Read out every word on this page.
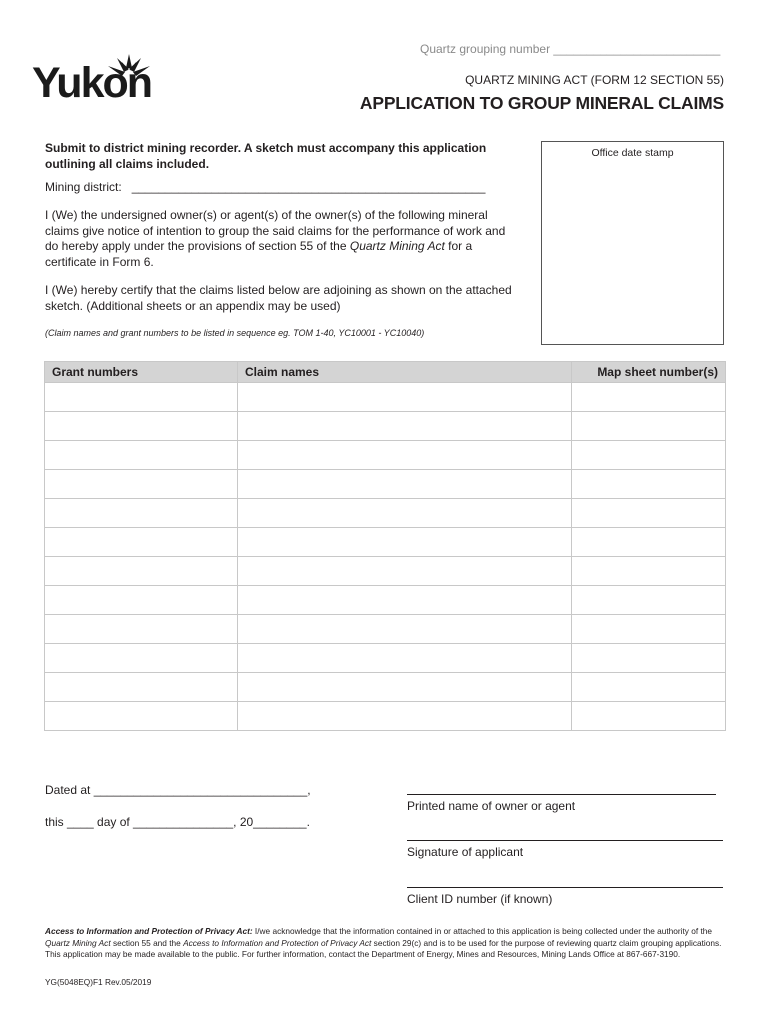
Quartz grouping number _________________________
Yukon	QUARTZ MINING ACT (FORM 12 SECTION 55)
APPLICATION TO GROUP MINERAL CLAIMS
Submit to district mining recorder. A sketch must accompany this application outlining all claims included.
Office date stamp
Mining district:   _____________________________________________________
I (We) the undersigned owner(s) or agent(s) of the owner(s) of the following mineral claims give notice of intention to group the said claims for the performance of work and do hereby apply under the provisions of section 55 of the Quartz Mining Act for a certificate in Form 6.
I (We) hereby certify that the claims listed below are adjoining as shown on the attached sketch. (Additional sheets or an appendix may be used)
(Claim names and grant numbers to be listed in sequence eg. TOM 1-40, YC10001 - YC10040)
Grant numbers	Claim names	Map sheet number(s)

Dated at ________________________________,
this ____ day of _______________, 20________.
Printed name of owner or agent
Signature of applicant
Client ID number (if known)
Access to Information and Protection of Privacy Act: I/we acknowledge that the information contained in or attached to this application is being collected under the authority of the Quartz Mining Act section 55 and the Access to Information and Protection of Privacy Act section 29(c) and is to be used for the purpose of reviewing quartz claim grouping applications. This application may be made available to the public. For further information, contact the Department of Energy, Mines and Resources, Mining Lands Office at 867-667-3190.
YG(5048EQ)F1 Rev.05/2019
